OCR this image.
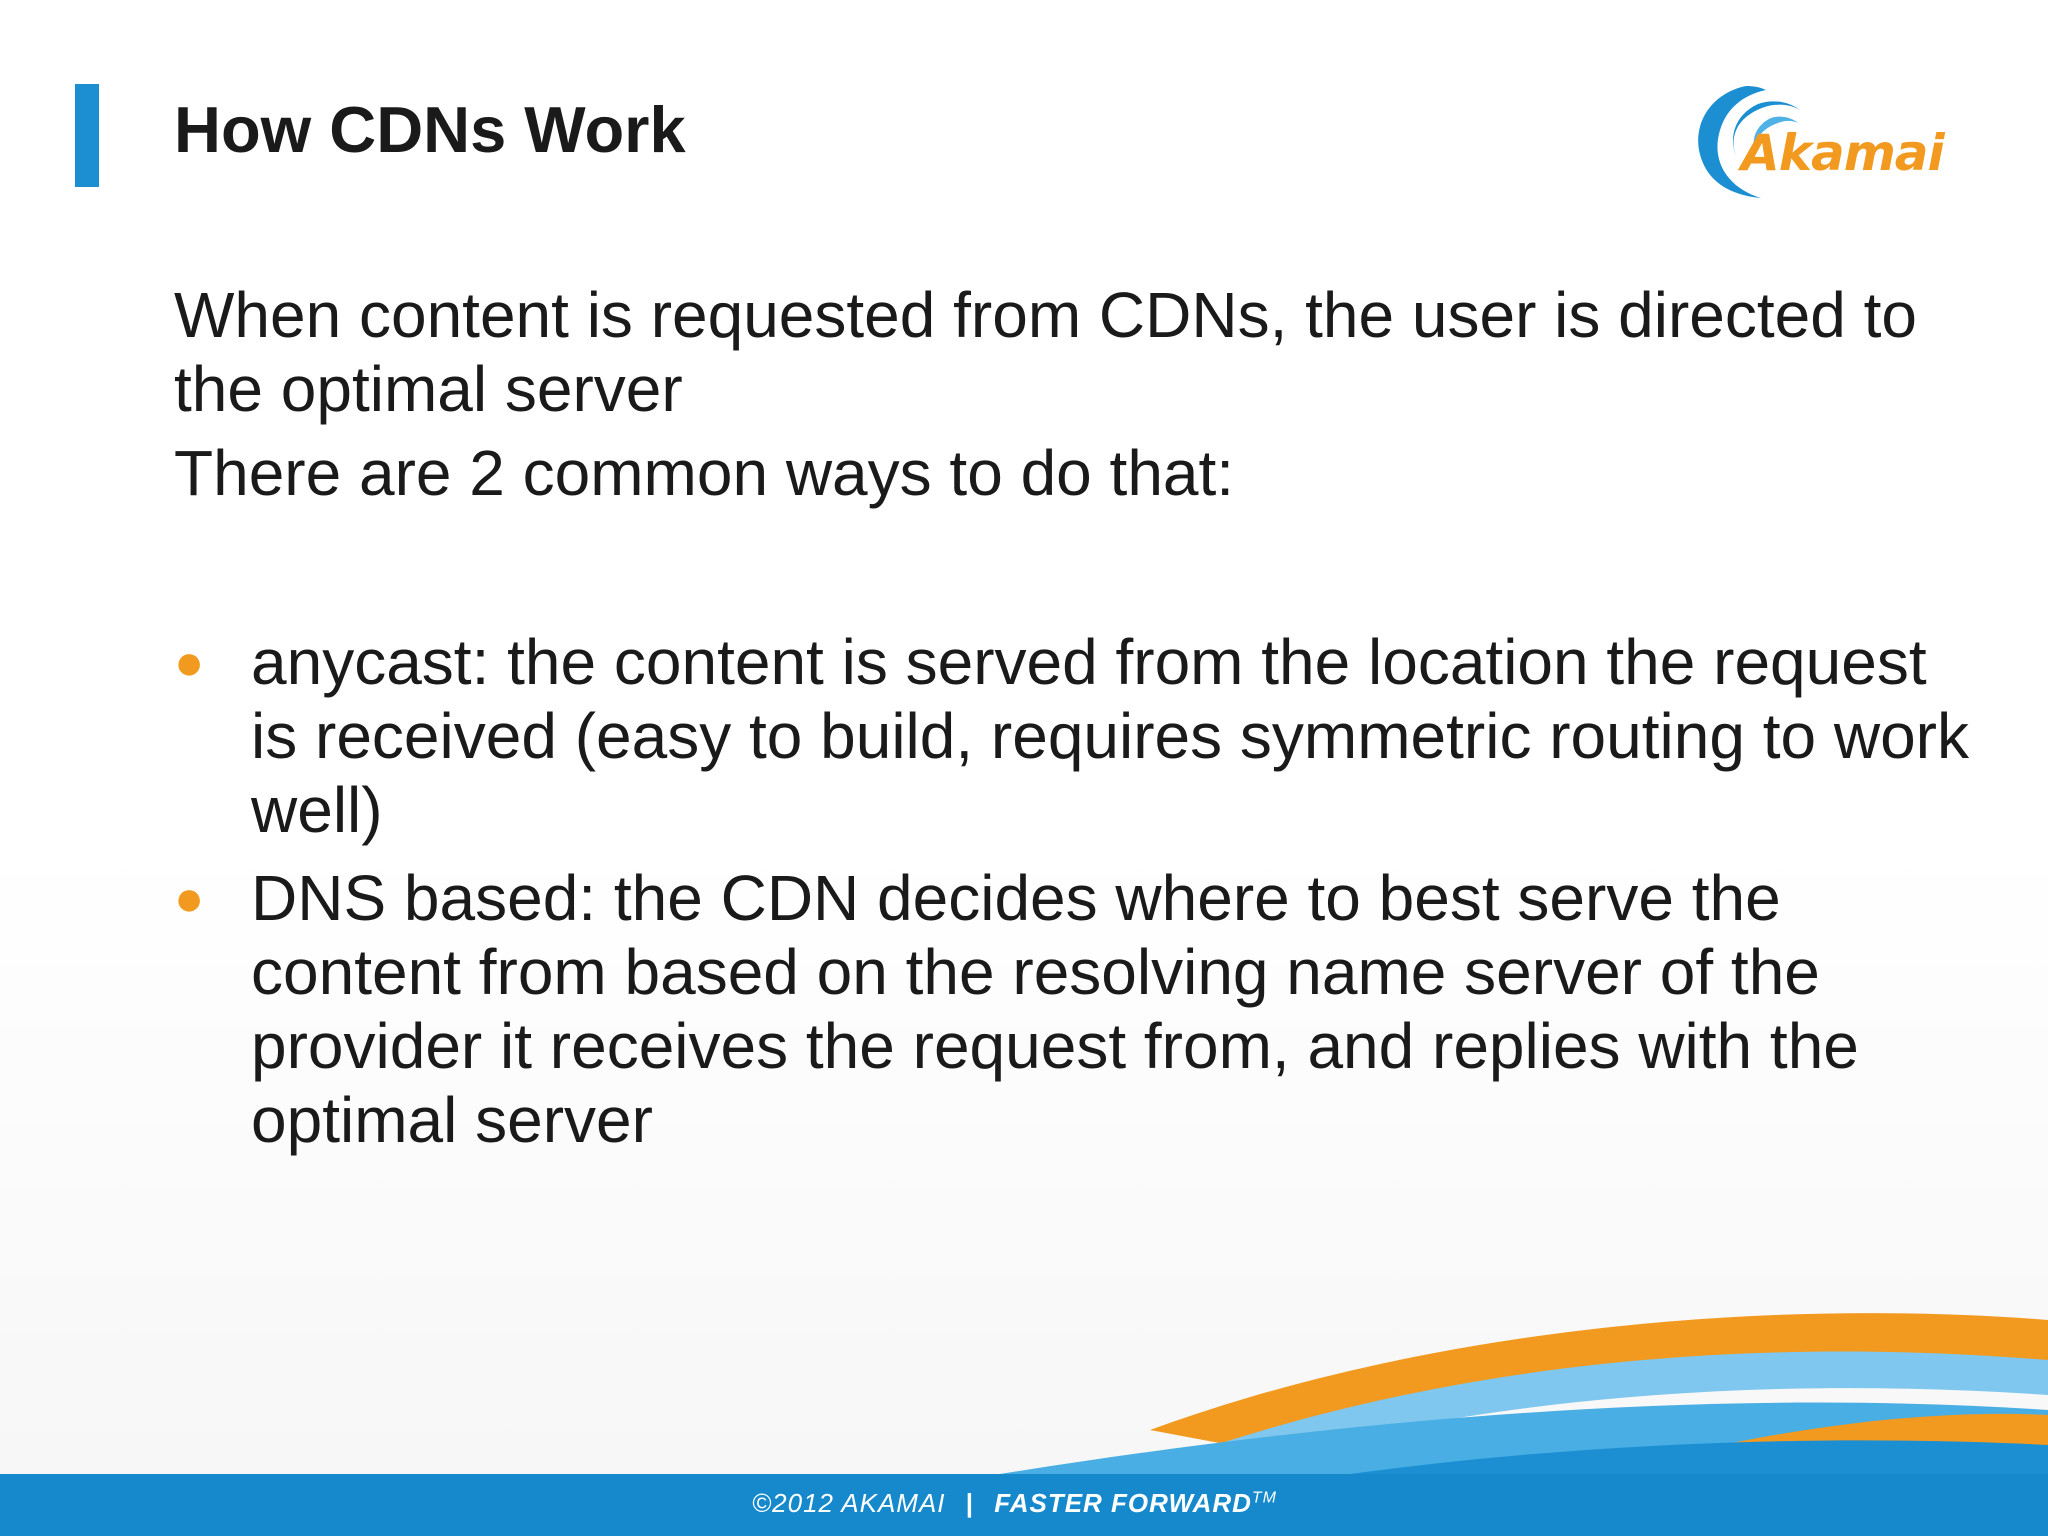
How CDNs Work	Akamai

When content is requested from CDNs, the user is directed to the optimal server

There are 2 common ways to do that:

● anycast: the content is served from the location the request is received (easy to build, requires symmetric routing to work well)
● DNS based: the CDN decides where to best serve the content from based on the resolving name server of the provider it receives the request from, and replies with the optimal server
©2012 AKAMAI | FASTER FORWARD™
